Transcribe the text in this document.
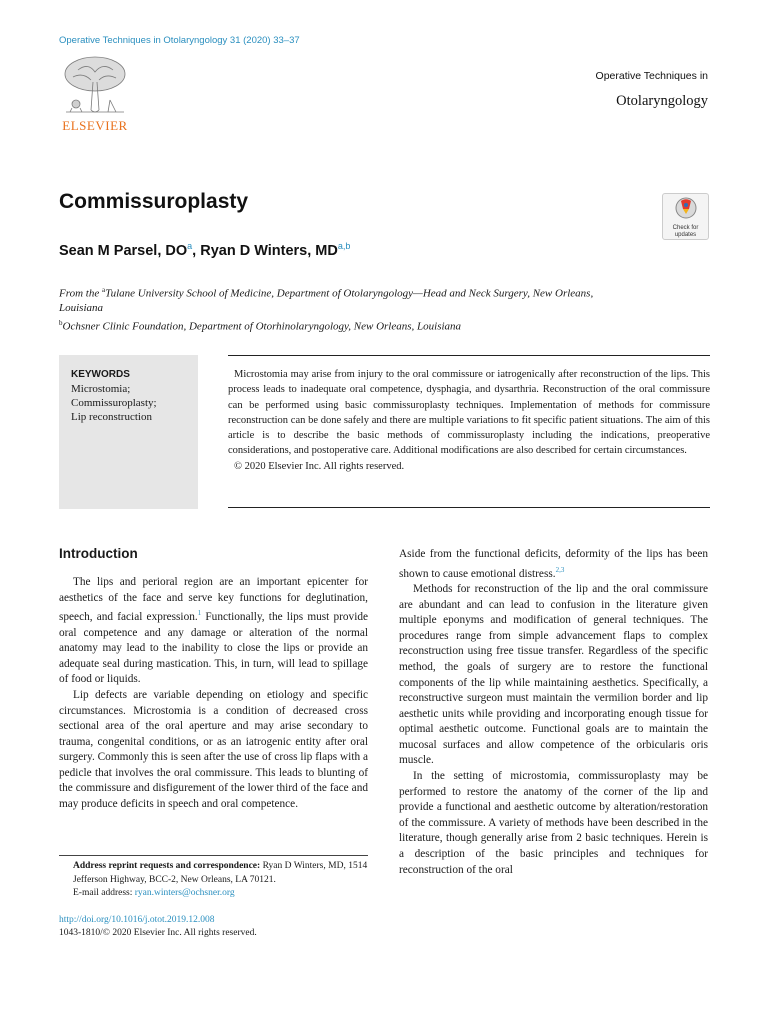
Operative Techniques in Otolaryngology 31 (2020) 33–37
ELSEVIER
Operative Techniques in
Otolaryngology
Commissuroplasty
Check for updates
Sean M Parsel, $DO^a$, Ryan D Winters, MD$^{a,b}$
From the $^a$Tulane University School of Medicine, Department of Otolaryngology—Head and Neck Surgery, New Orleans, Louisiana
$^b$Ochsner Clinic Foundation, Department of Otorhinolaryngology, New Orleans, Louisiana
KEYWORDS
Microstomia;
Commissuroplasty;
Lip reconstruction

Microstomia may arise from injury to the oral commissure or iatrogenically after reconstruction of the lips. This process leads to inadequate oral competence, dysphagia, and dysarthria. Reconstruction of the oral commissure can be performed using basic commissuroplasty techniques. Implementation of methods for commissure reconstruction can be done safely and there are multiple variations to fit specific patient situations. The aim of this article is to describe the basic methods of commissuroplasty including the indications, preoperative considerations, and postoperative care. Additional modifications are also described for certain circumstances.

© 2020 Elsevier Inc. All rights reserved.

Introduction

The lips and perioral region are an important epicenter for aesthetics of the face and serve key functions for deglutination, speech, and facial expression.$^1$ Functionally, the lips must provide oral competence and any damage or alteration of the normal anatomy may lead to the inability to close the lips or provide an adequate seal during mastication. This, in turn, will lead to spillage of food or liquids.

Lip defects are variable depending on etiology and specific circumstances. Microstomia is a condition of decreased cross sectional area of the oral aperture and may arise secondary to trauma, congenital conditions, or as an iatrogenic entity after oral surgery. Commonly this is seen after the use of cross lip flaps with a pedicle that involves the oral commissure. This leads to blunting of the commissure and disfigurement of the lower third of the face and may produce deficits in speech and oral competence.

Aside from the functional deficits, deformity of the lips has been shown to cause emotional distress.$^{2,3}$

Methods for reconstruction of the lip and the oral commissure are abundant and can lead to confusion in the literature given multiple eponyms and modification of general techniques. The procedures range from simple advancement flaps to complex reconstruction using free tissue transfer. Regardless of the specific method, the goals of surgery are to restore the functional components of the lip while maintaining aesthetics. Specifically, a reconstructive surgeon must maintain the vermilion border and lip aesthetic units while providing and incorporating enough tissue for optimal aesthetic outcome. Functional goals are to maintain the mucosal surfaces and allow competence of the orbicularis oris muscle.

In the setting of microstomia, commissuroplasty may be performed to restore the anatomy of the corner of the lip and provide a functional and aesthetic outcome by alteration/restoration of the commissure. A variety of methods have been described in the literature, though generally arise from 2 basic techniques. Herein is a description of the basic principles and techniques for reconstruction of the oral

Address reprint requests and correspondence: Ryan D Winters, MD, 1514 Jefferson Highway, BCC-2, New Orleans, LA 70121.
E-mail address: ryan.winters@ochsner.org
http://doi.org/10.1016/j.otot.2019.12.008
1043-1810/© 2020 Elsevier Inc. All rights reserved.
